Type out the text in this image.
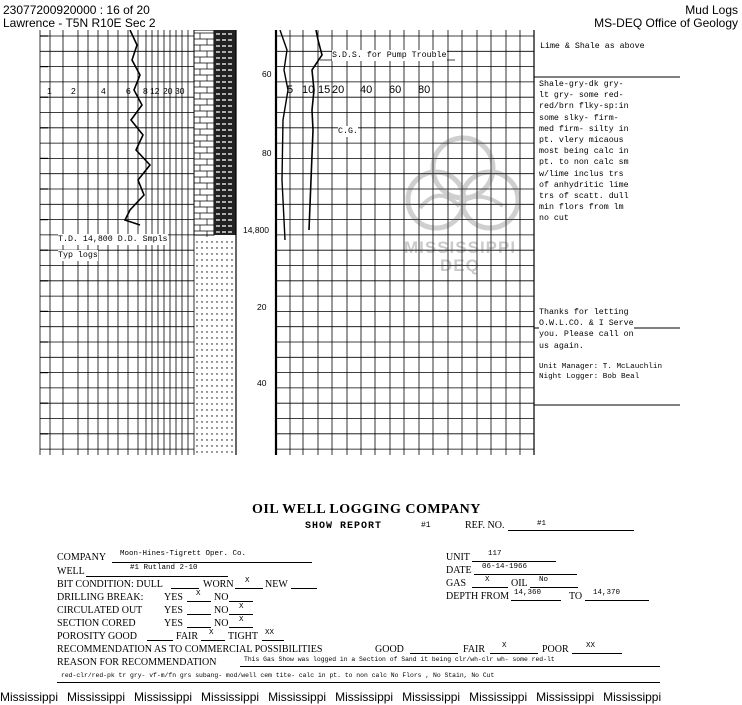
23077200920000 : 16 of 20
Lawrence - T5N R10E Sec 2
Mud Logs
MS-DEQ Office of Geology
60
80
14,800
20
40
1 2	4 6 8 12 20 30	5 10 15 20 40 60 80
S.D.S. for Pump Trouble
C.G.
T.D. 14,800 D.D. Smpls
Typ logs
Lime & Shale as above
Shale-gry-dk gry-
lt gry- some red-
red/brn flky-sp:in
some slky- firm-
med firm- silty in
pt. vlery micaous
most being calc in
pt. to non calc sm
w/lime inclus trs
of anhydritic lime
trs of scatt. dull
min flors from lm
no cut
Thanks for letting
O.W.L.CO. & I Serve
you. Please call on
us again.
Unit Manager: T. McLauchlin
Night Logger: Bob Beal
MISSISSIPPI
DEQ
OIL WELL LOGGING COMPANY
SHOW REPORT	#1	REF. NO.	#1
COMPANY Moon-Hines-Tigrett Oper. Co.
WELL	#1 Rutland 2-10
UNIT 117
DATE 06-14-1966
BIT CONDITION: DULL	WORN X NEW	GAS	X OIL No
DRILLING BREAK: YES X NO	DEPTH FROM 14,360	TO 14,370
CIRCULATED OUT YES	NO X
SECTION CORED	YES	NO X
POROSITY GOOD	FAIR X TIGHT XX
RECOMMENDATION AS TO COMMERCIAL POSSIBILITIES	GOOD	FAIR X	POOR XX
REASON FOR RECOMMENDATION	This Gas Show was logged in a Section of Sand it being clr/wh-clr wh- some red-lt
red-clr/red-pk tr gry- vf-m/fn grs subang- mod/well cem tite- calc in pt. to non calc No Flors , No Stain, No Cut
Mississippi Mississippi Mississippi Mississippi Mississippi Mississippi Mississippi Mississippi Mississippi Mississippi
